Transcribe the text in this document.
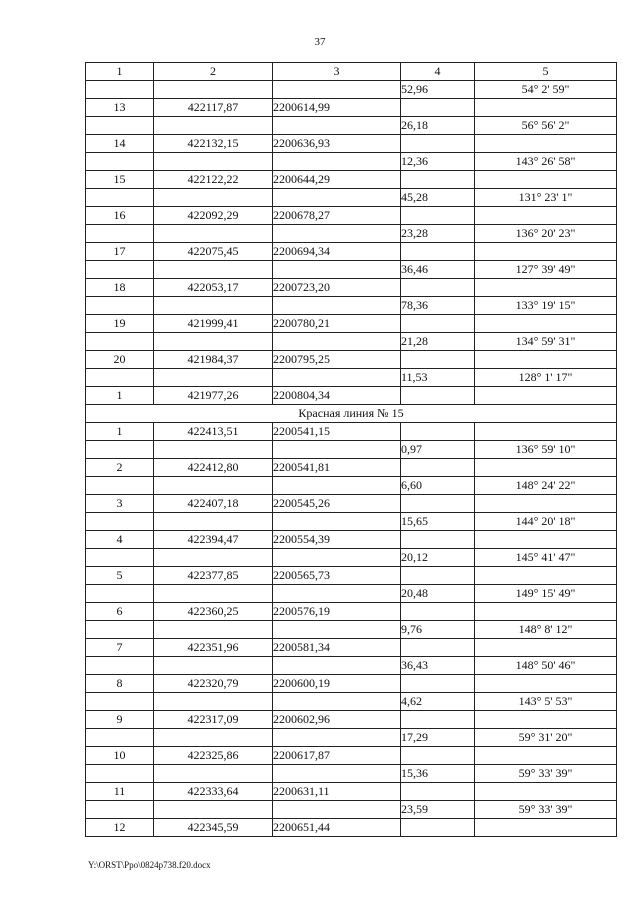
37
1	2	3	4	5
			52,96	54° 2' 59"
13	422117,87	2200614,99		
			26,18	56° 56' 2"
14	422132,15	2200636,93		
			12,36	143° 26' 58"
15	422122,22	2200644,29		
			45,28	131° 23' 1"
16	422092,29	2200678,27		
			23,28	136° 20' 23"
17	422075,45	2200694,34		
			36,46	127° 39' 49"
18	422053,17	2200723,20		
			78,36	133° 19' 15"
19	421999,41	2200780,21		
			21,28	134° 59' 31"
20	421984,37	2200795,25		
			11,53	128° 1' 17"
1	421977,26	2200804,34		
Красная линия № 15				
1	422413,51	2200541,15		
			0,97	136° 59' 10"
2	422412,80	2200541,81		
			6,60	148° 24' 22"
3	422407,18	2200545,26		
			15,65	144° 20' 18"
4	422394,47	2200554,39		
			20,12	145° 41' 47"
5	422377,85	2200565,73		
			20,48	149° 15' 49"
6	422360,25	2200576,19		
			9,76	148° 8' 12"
7	422351,96	2200581,34		
			36,43	148° 50' 46"
8	422320,79	2200600,19		
			4,62	143° 5' 53"
9	422317,09	2200602,96		
			17,29	59° 31' 20"
10	422325,86	2200617,87		
			15,36	59° 33' 39"
11	422333,64	2200631,11		
			23,59	59° 33' 39"
12	422345,59	2200651,44		
Y:\ORST\Ppo\0824p738.f20.docx
